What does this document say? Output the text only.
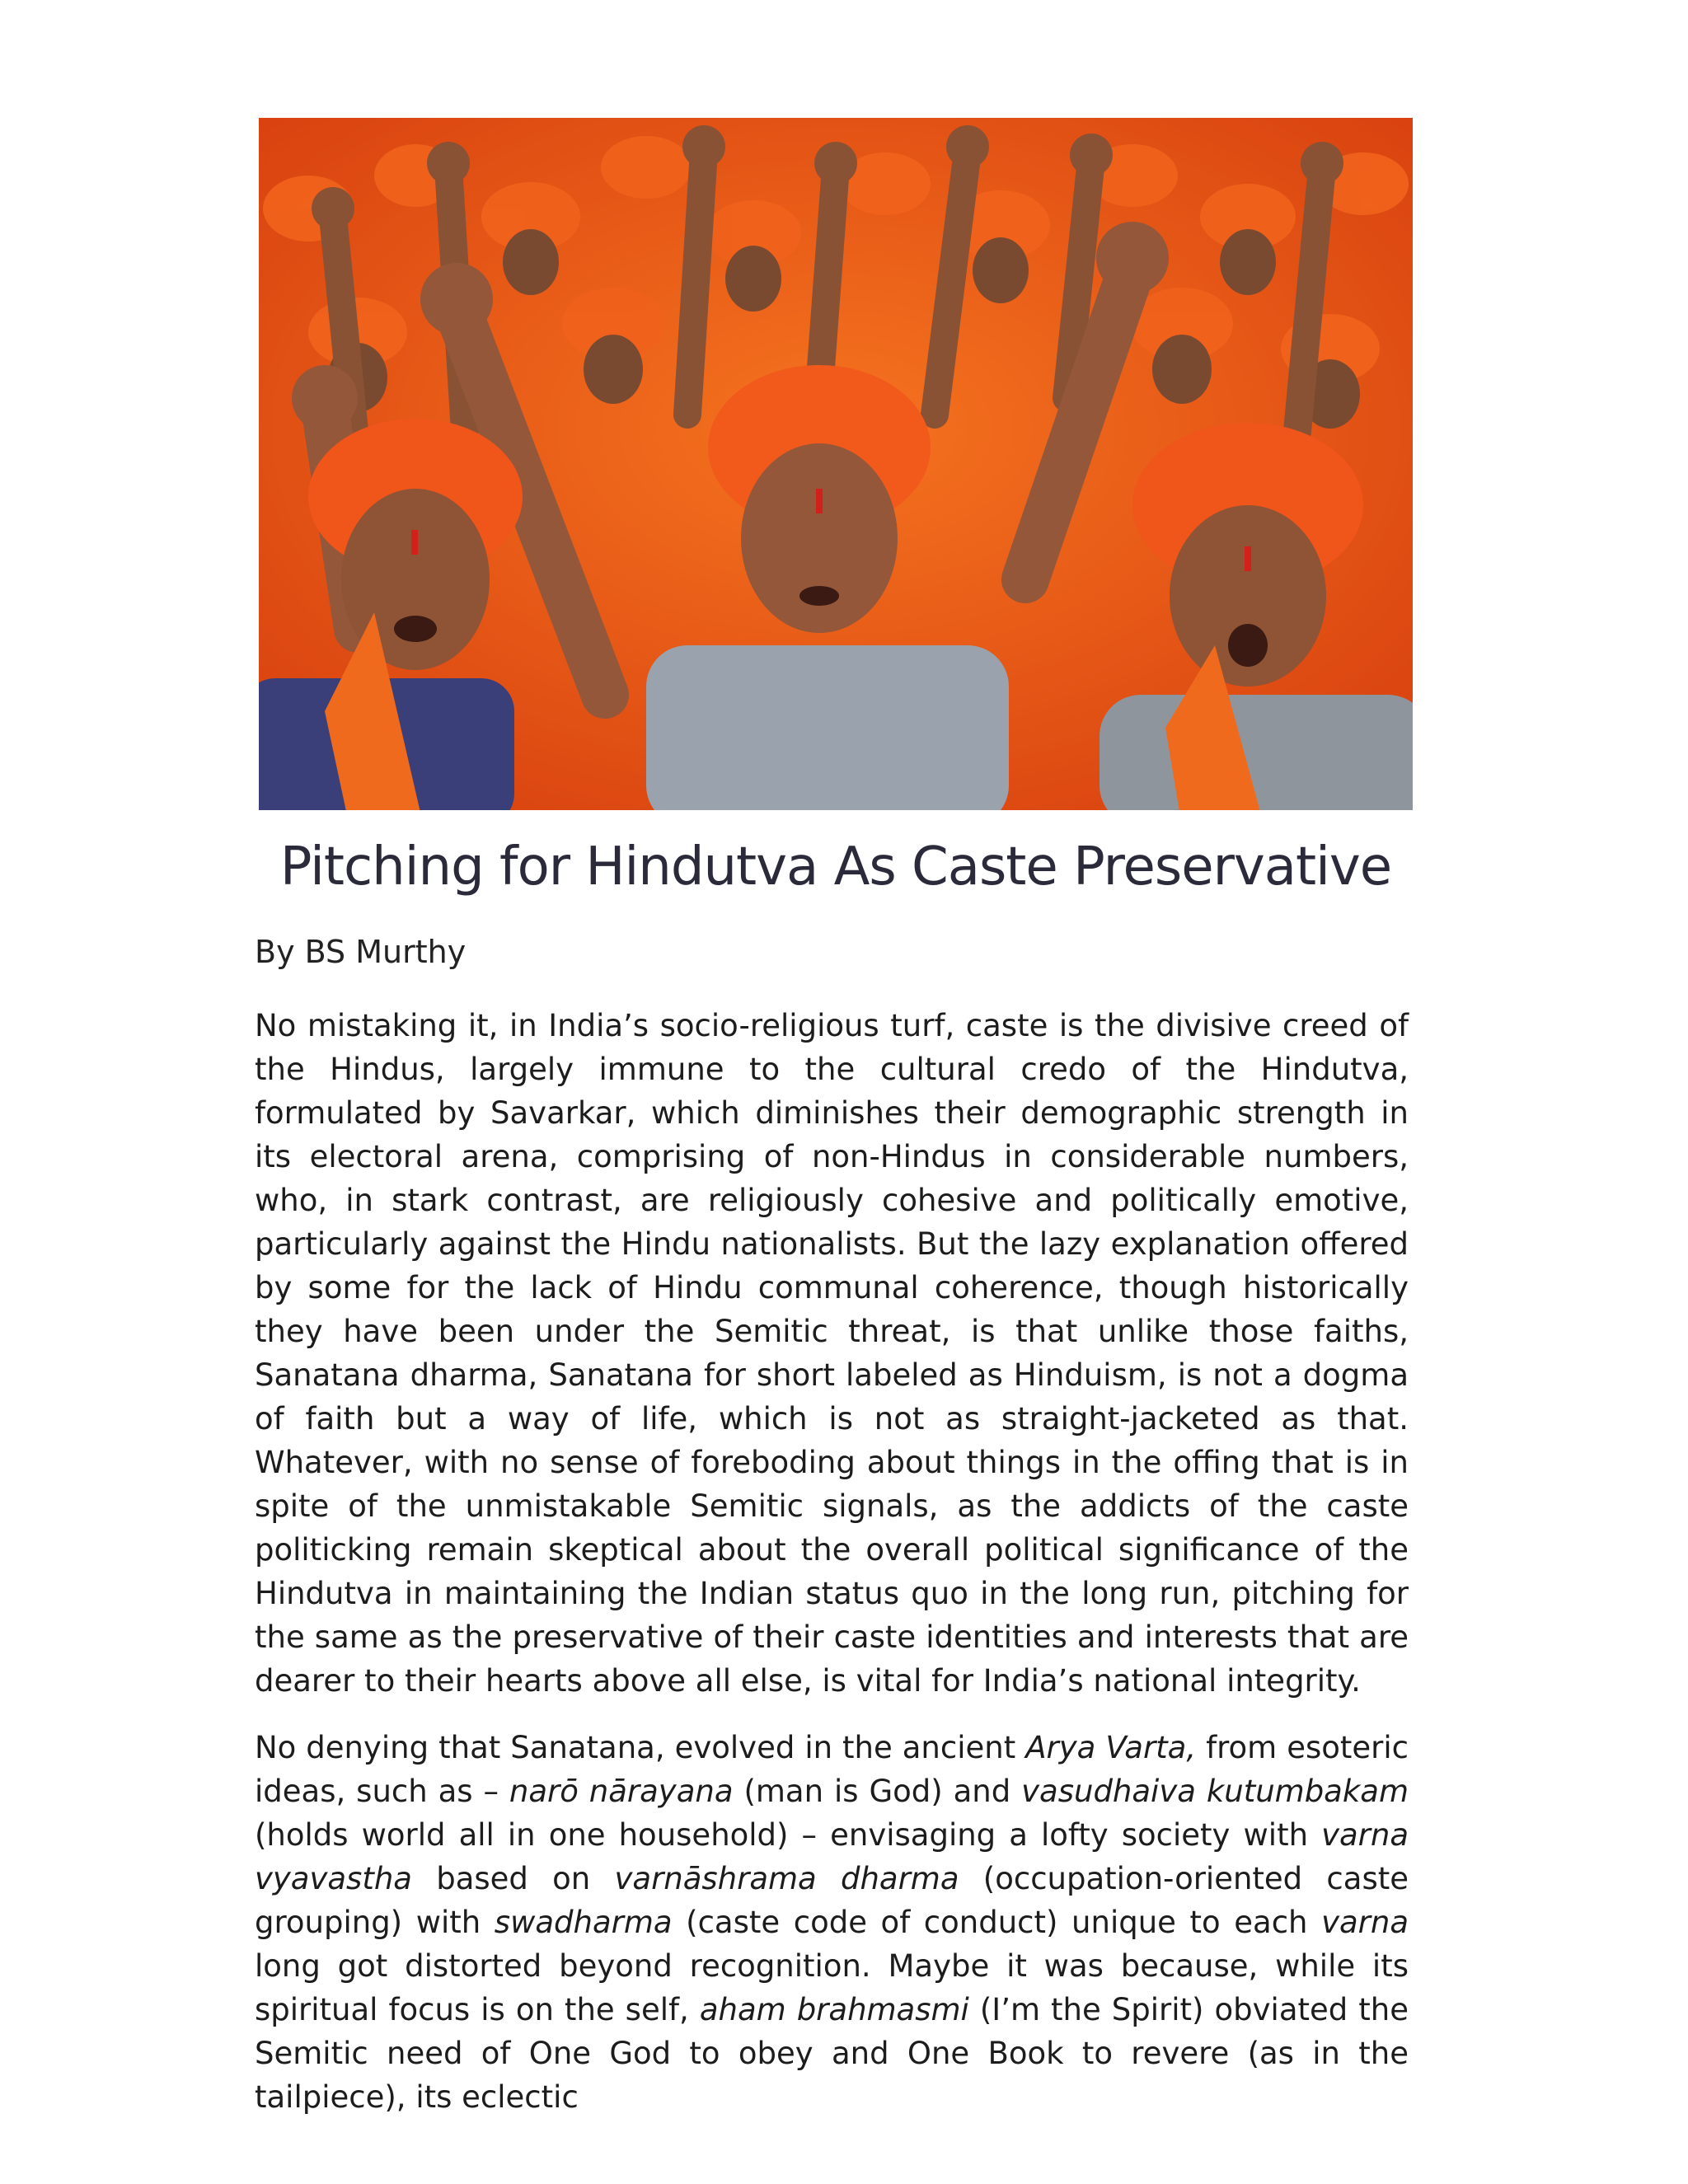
Pitching for Hindutva As Caste Preservative
By BS Murthy

No mistaking it, in India’s socio-religious turf, caste is the divisive creed of the Hindus, largely immune to the cultural credo of the Hindutva, formulated by Savarkar, which diminishes their demographic strength in its electoral arena, comprising of non-Hindus in considerable numbers, who, in stark contrast, are religiously cohesive and politically emotive, particularly against the Hindu nationalists. But the lazy explanation offered by some for the lack of Hindu communal coherence, though historically they have been under the Semitic threat, is that unlike those faiths, Sanatana dharma, Sanatana for short labeled as Hinduism, is not a dogma of faith but a way of life, which is not as straight-jacketed as that. Whatever, with no sense of foreboding about things in the offing that is in spite of the unmistakable Semitic signals, as the addicts of the caste politicking remain skeptical about the overall political significance of the Hindutva in maintaining the Indian status quo in the long run, pitching for the same as the preservative of their caste identities and interests that are dearer to their hearts above all else, is vital for India’s national integrity.

No denying that Sanatana, evolved in the ancient Arya Varta, from esoteric ideas, such as – narō nārayana (man is God) and vasudhaiva kutumbakam (holds world all in one household) – envisaging a lofty society with varna vyavastha based on varnāshrama dharma (occupation-oriented caste grouping) with swadharma (caste code of conduct) unique to each varna long got distorted beyond recognition. Maybe it was because, while its spiritual focus is on the self, aham brahmasmi (I’m the Spirit) obviated the Semitic need of One God to obey and One Book to revere (as in the tailpiece), its eclectic
